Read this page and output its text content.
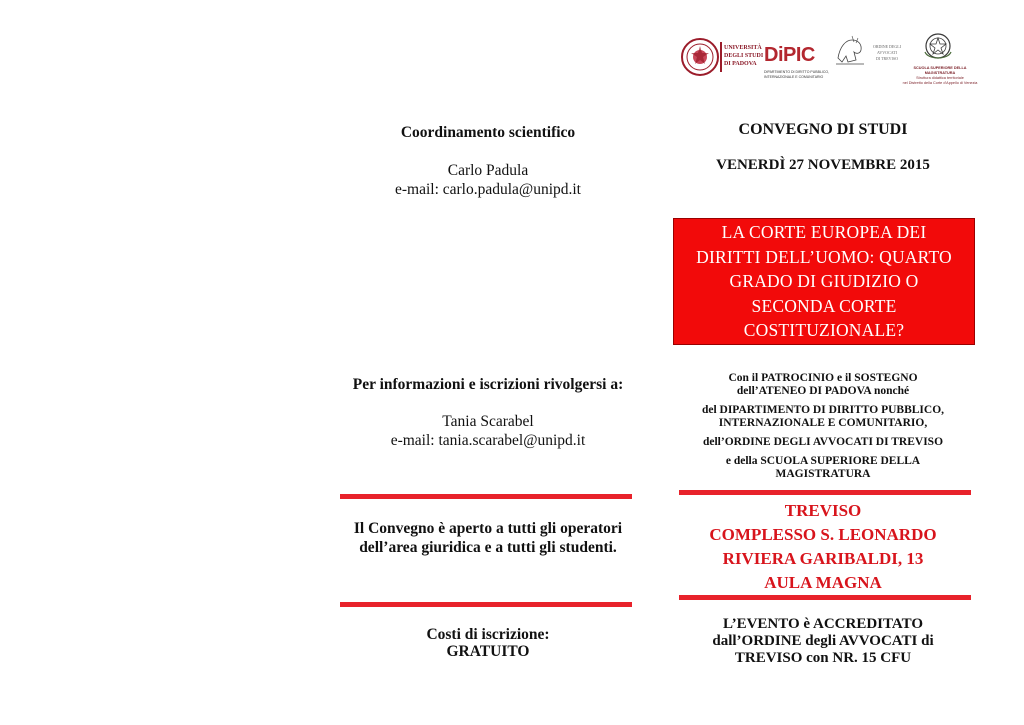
UNIVERSITÀ
DEGLI STUDI
DI PADOVA DiPIC
DIPARTIMENTO DI DIRITTO PUBBLICO,
INTERNAZIONALE E COMUNITARIO
ORDINE DEGLI AVVOCATI
DI TREVISO
SCUOLA SUPERIORE DELLA MAGISTRATURA
Struttura didattica territoriale
nel Distretto della Corte d'Appello di Venezia
Coordinamento scientifico
Carlo Padula
e-mail: carlo.padula@unipd.it
Per informazioni e iscrizioni rivolgersi a:
Tania Scarabel
e-mail: tania.scarabel@unipd.it
Il Convegno è aperto a tutti gli operatori
dell’area giuridica e a tutti gli studenti.
Costi di iscrizione:
GRATUITO
CONVEGNO DI STUDI
VENERDÌ 27 NOVEMBRE 2015
LA CORTE EUROPEA DEI
DIRITTI DELL’UOMO: QUARTO
GRADO DI GIUDIZIO O
SECONDA CORTE
COSTITUZIONALE?
Con il PATROCINIO e il SOSTEGNO
dell’ATENEO DI PADOVA nonché
del DIPARTIMENTO DI DIRITTO PUBBLICO,
INTERNAZIONALE E COMUNITARIO,
dell’ORDINE DEGLI AVVOCATI DI TREVISO
e della SCUOLA SUPERIORE DELLA
MAGISTRATURA
TREVISO
COMPLESSO S. LEONARDO
RIVIERA GARIBALDI, 13
AULA MAGNA
L’EVENTO è ACCREDITATO
dall’ORDINE degli AVVOCATI di
TREVISO con NR. 15 CFU
